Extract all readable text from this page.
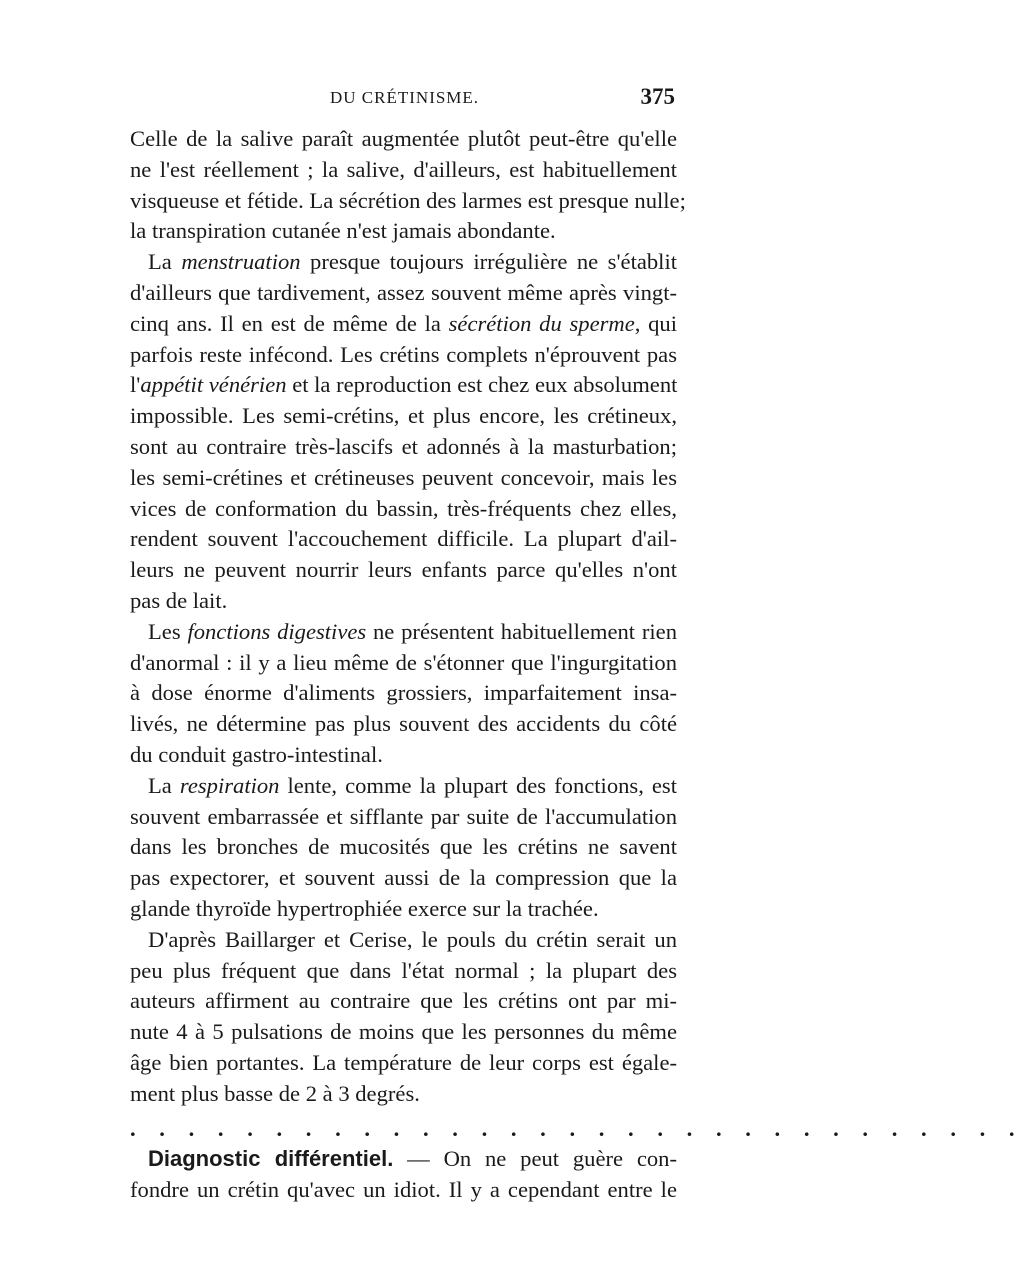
DU CRÉTINISME.	375
Celle de la salive paraît augmentée plutôt peut-être qu'elle
ne l'est réellement ; la salive, d'ailleurs, est habituellement
visqueuse et fétide. La sécrétion des larmes est presque nulle;
la transpiration cutanée n'est jamais abondante.
La menstruation presque toujours irrégulière ne s'établit
d'ailleurs que tardivement, assez souvent même après vingt-
cinq ans. Il en est de même de la sécrétion du sperme, qui
parfois reste infécond. Les crétins complets n'éprouvent pas
l'appétit vénérien et la reproduction est chez eux absolument
impossible. Les semi-crétins, et plus encore, les crétineux,
sont au contraire très-lascifs et adonnés à la masturbation;
les semi-crétines et crétineuses peuvent concevoir, mais les
vices de conformation du bassin, très-fréquents chez elles,
rendent souvent l'accouchement difficile. La plupart d'ail-
leurs ne peuvent nourrir leurs enfants parce qu'elles n'ont
pas de lait.
Les fonctions digestives ne présentent habituellement rien
d'anormal : il y a lieu même de s'étonner que l'ingurgitation
à dose énorme d'aliments grossiers, imparfaitement insa-
livés, ne détermine pas plus souvent des accidents du côté
du conduit gastro-intestinal.
La respiration lente, comme la plupart des fonctions, est
souvent embarrassée et sifflante par suite de l'accumulation
dans les bronches de mucosités que les crétins ne savent
pas expectorer, et souvent aussi de la compression que la
glande thyroïde hypertrophiée exerce sur la trachée.
D'après Baillarger et Cerise, le pouls du crétin serait un
peu plus fréquent que dans l'état normal ; la plupart des
auteurs affirment au contraire que les crétins ont par mi-
nute 4 à 5 pulsations de moins que les personnes du même
âge bien portantes. La température de leur corps est égale-
ment plus basse de 2 à 3 degrés.
. . . . . . . . . . . . . . . . . . . . . . . . . . . . . . .
Diagnostic différentiel. — On ne peut guère con-
fondre un crétin qu'avec un idiot. Il y a cependant entre le
